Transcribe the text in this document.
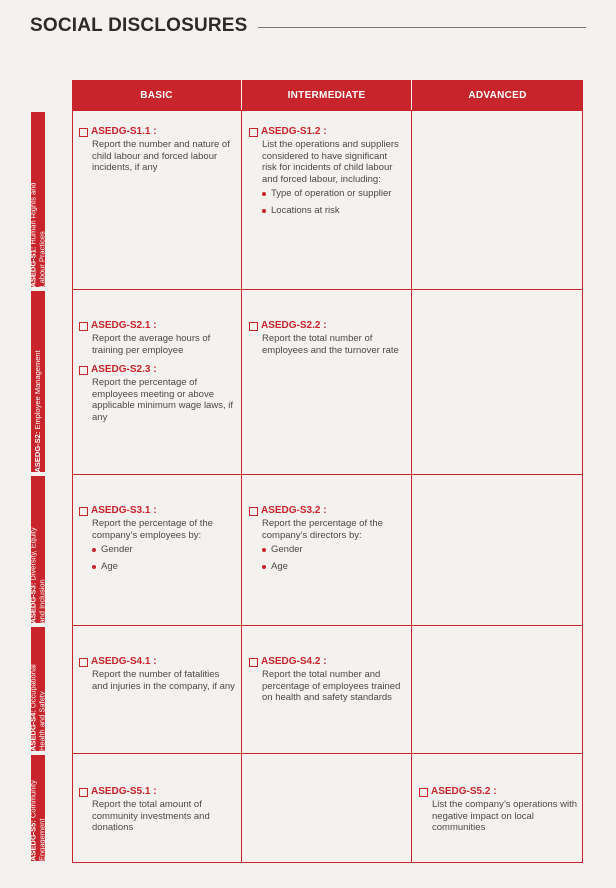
SOCIAL DISCLOSURES
BASIC	INTERMEDIATE	ADVANCED
ASEDG-S1: Human Rights and
Labour Practices
ASEDG-S2: Employee Management
ASEDG-S3: Diversity, Equity
and Inclusion
ASEDG-S4: Occupational
Health and Safety
ASEDG-S5: Community
Engagement
ASEDG-S1.1 :
Report the number and nature of child labour and forced labour incidents, if any
ASEDG-S1.2 :
List the operations and suppliers considered to have significant risk for incidents of child labour and forced labour, including:
Type of operation or supplier
Locations at risk
ASEDG-S2.1 :
Report the average hours of training per employee
ASEDG-S2.3 :
Report the percentage of employees meeting or above applicable minimum wage laws, if any
ASEDG-S2.2 :
Report the total number of employees and the turnover rate
ASEDG-S3.1 :
Report the percentage of the company’s employees by:
Gender
Age
ASEDG-S3.2 :
Report the percentage of the company’s directors by:
Gender
Age
ASEDG-S4.1 :
Report the number of fatalities and injuries in the company, if any
ASEDG-S4.2 :
Report the total number and percentage of employees trained on health and safety standards
ASEDG-S5.1 :
Report the total amount of community investments and donations
ASEDG-S5.2 :
List the company’s operations with negative impact on local communities
